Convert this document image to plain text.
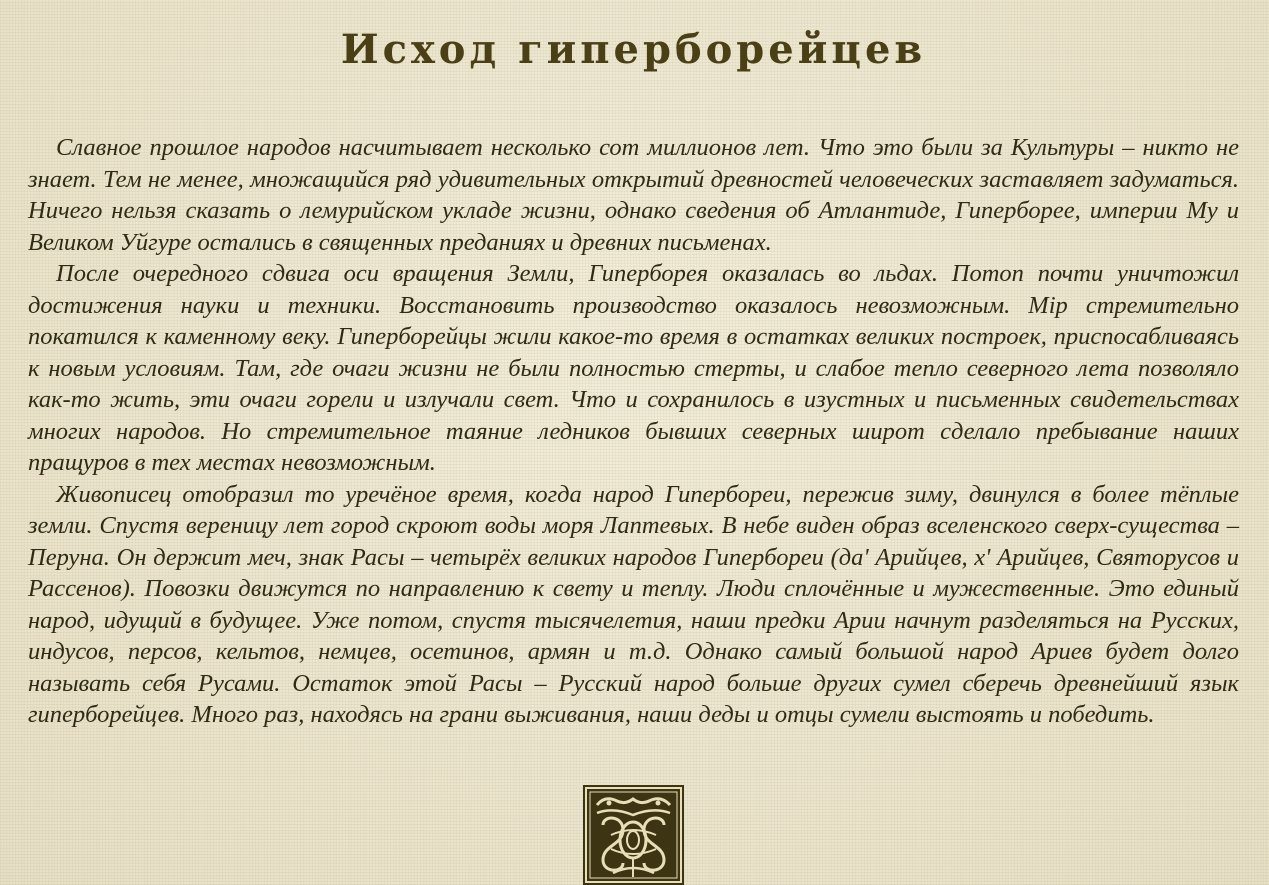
Исход гиперборейцев

Славное прошлое народов насчитывает несколько сот миллионов лет. Что это были за Культуры – никто не знает. Тем не менее, множащийся ряд удивительных открытий древностей человеческих заставляет задуматься. Ничего нельзя сказать о лемурийском укладе жизни, однако сведения об Атлантиде, Гиперборее, империи Му и Великом Уйгуре остались в священных преданиях и древних письменах.

После очередного сдвига оси вращения Земли, Гиперборея оказалась во льдах. Потоп почти уничтожил достижения науки и техники. Восстановить производство оказалось невозможным. Мiр стремительно покатился к каменному веку. Гиперборейцы жили какое-то время в остатках великих построек, приспосабливаясь к новым условиям. Там, где очаги жизни не были полностью стерты, и слабое тепло северного лета позволяло как-то жить, эти очаги горели и излучали свет. Что и сохранилось в изустных и письменных свидетельствах многих народов. Но стремительное таяние ледников бывших северных широт сделало пребывание наших пращуров в тех местах невозможным.

Живописец отобразил то уречёное время, когда народ Гипербореи, пережив зиму, двинулся в более тёплые земли. Спустя вереницу лет город скроют воды моря Лаптевых. В небе виден образ вселенского сверх-существа – Перуна. Он держит меч, знак Расы – четырёх великих народов Гипербореи (да' Арийцев, х' Арийцев, Святорусов и Рассенов). Повозки движутся по направлению к свету и теплу. Люди сплочённые и мужественные. Это единый народ, идущий в будущее. Уже потом, спустя тысячелетия, наши предки Арии начнут разделяться на Русских, индусов, персов, кельтов, немцев, осетинов, армян и т.д. Однако самый большой народ Ариев будет долго называть себя Русами. Остаток этой Расы – Русский народ больше других сумел сберечь древнейший язык гиперборейцев. Много раз, находясь на грани выживания, наши деды и отцы сумели выстоять и победить.
